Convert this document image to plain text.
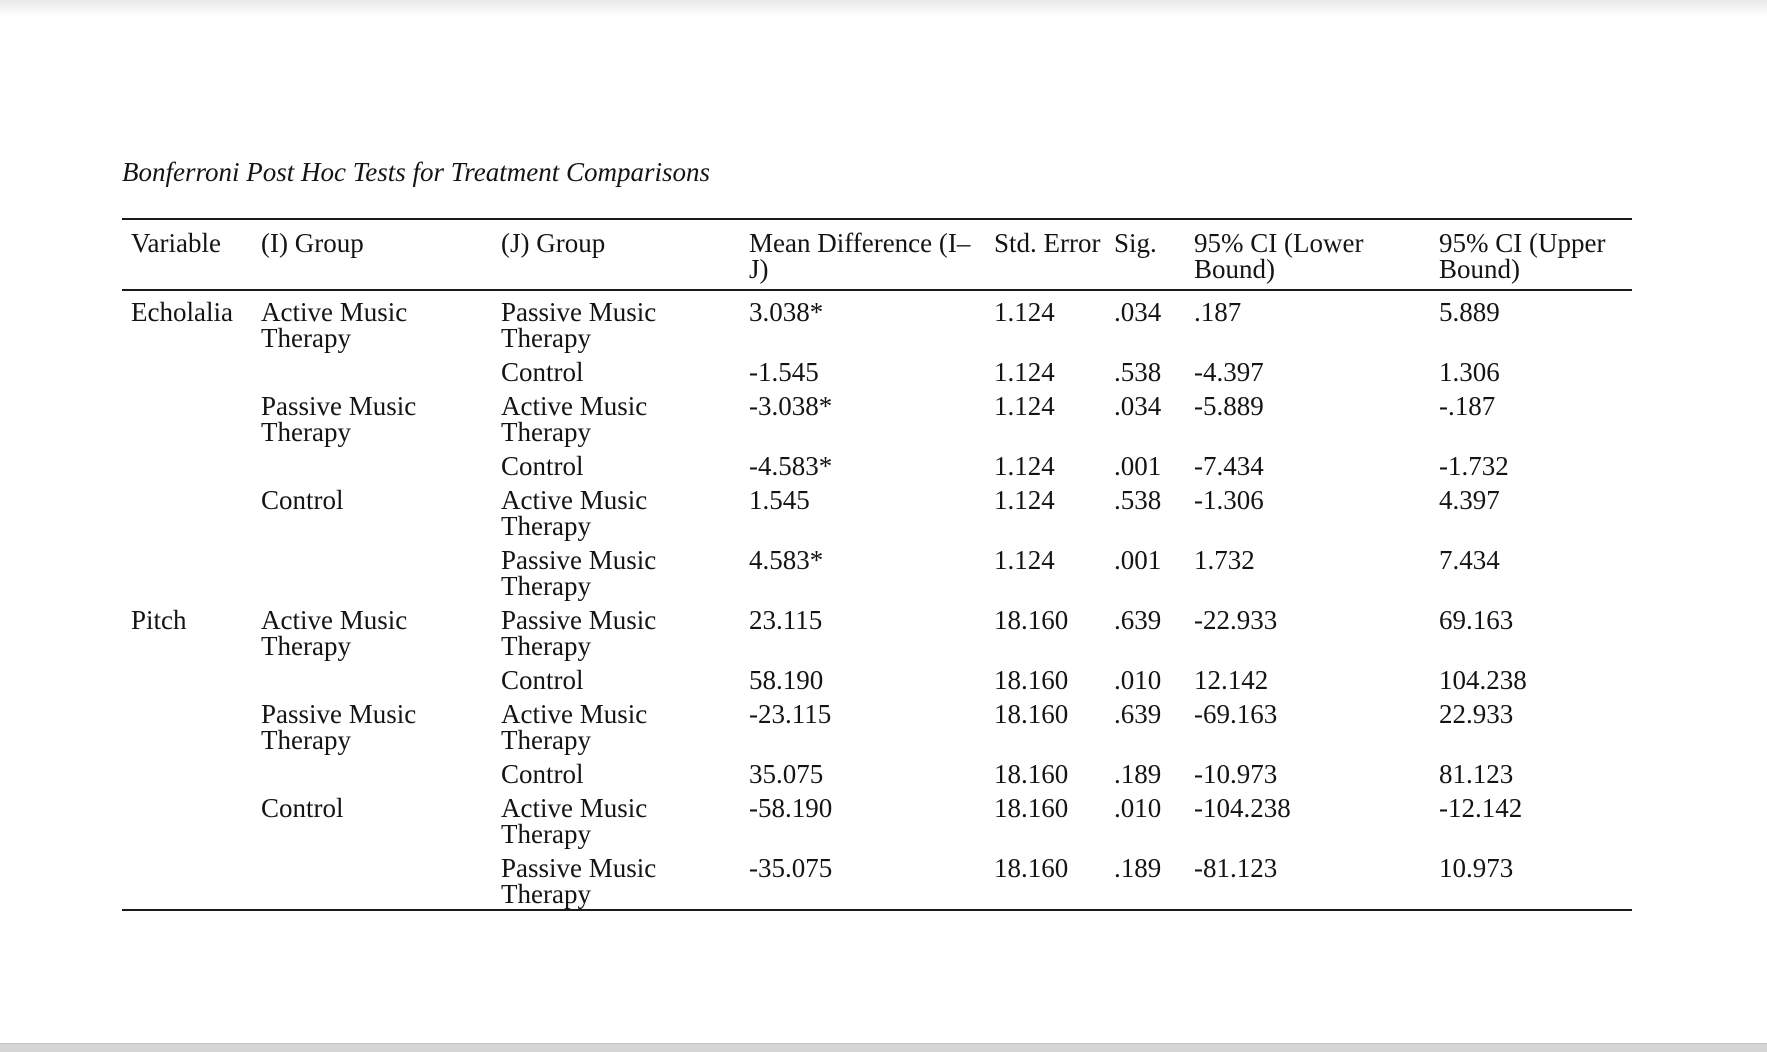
Bonferroni Post Hoc Tests for Treatment Comparisons
Variable	(I) Group	(J) Group	Mean Difference (I–J)	Std. Error	Sig.	95% CI (Lower Bound)	95% CI (Upper Bound)
Echolalia	Active Music Therapy	Passive Music Therapy	3.038*	1.124	.034	.187	5.889
		Control	-1.545	1.124	.538	-4.397	1.306
	Passive Music Therapy	Active Music Therapy	-3.038*	1.124	.034	-5.889	-.187
		Control	-4.583*	1.124	.001	-7.434	-1.732
	Control	Active Music Therapy	1.545	1.124	.538	-1.306	4.397
		Passive Music Therapy	4.583*	1.124	.001	1.732	7.434
Pitch	Active Music Therapy	Passive Music Therapy	23.115	18.160	.639	-22.933	69.163
		Control	58.190	18.160	.010	12.142	104.238
	Passive Music Therapy	Active Music Therapy	-23.115	18.160	.639	-69.163	22.933
		Control	35.075	18.160	.189	-10.973	81.123
	Control	Active Music Therapy	-58.190	18.160	.010	-104.238	-12.142
		Passive Music Therapy	-35.075	18.160	.189	-81.123	10.973
